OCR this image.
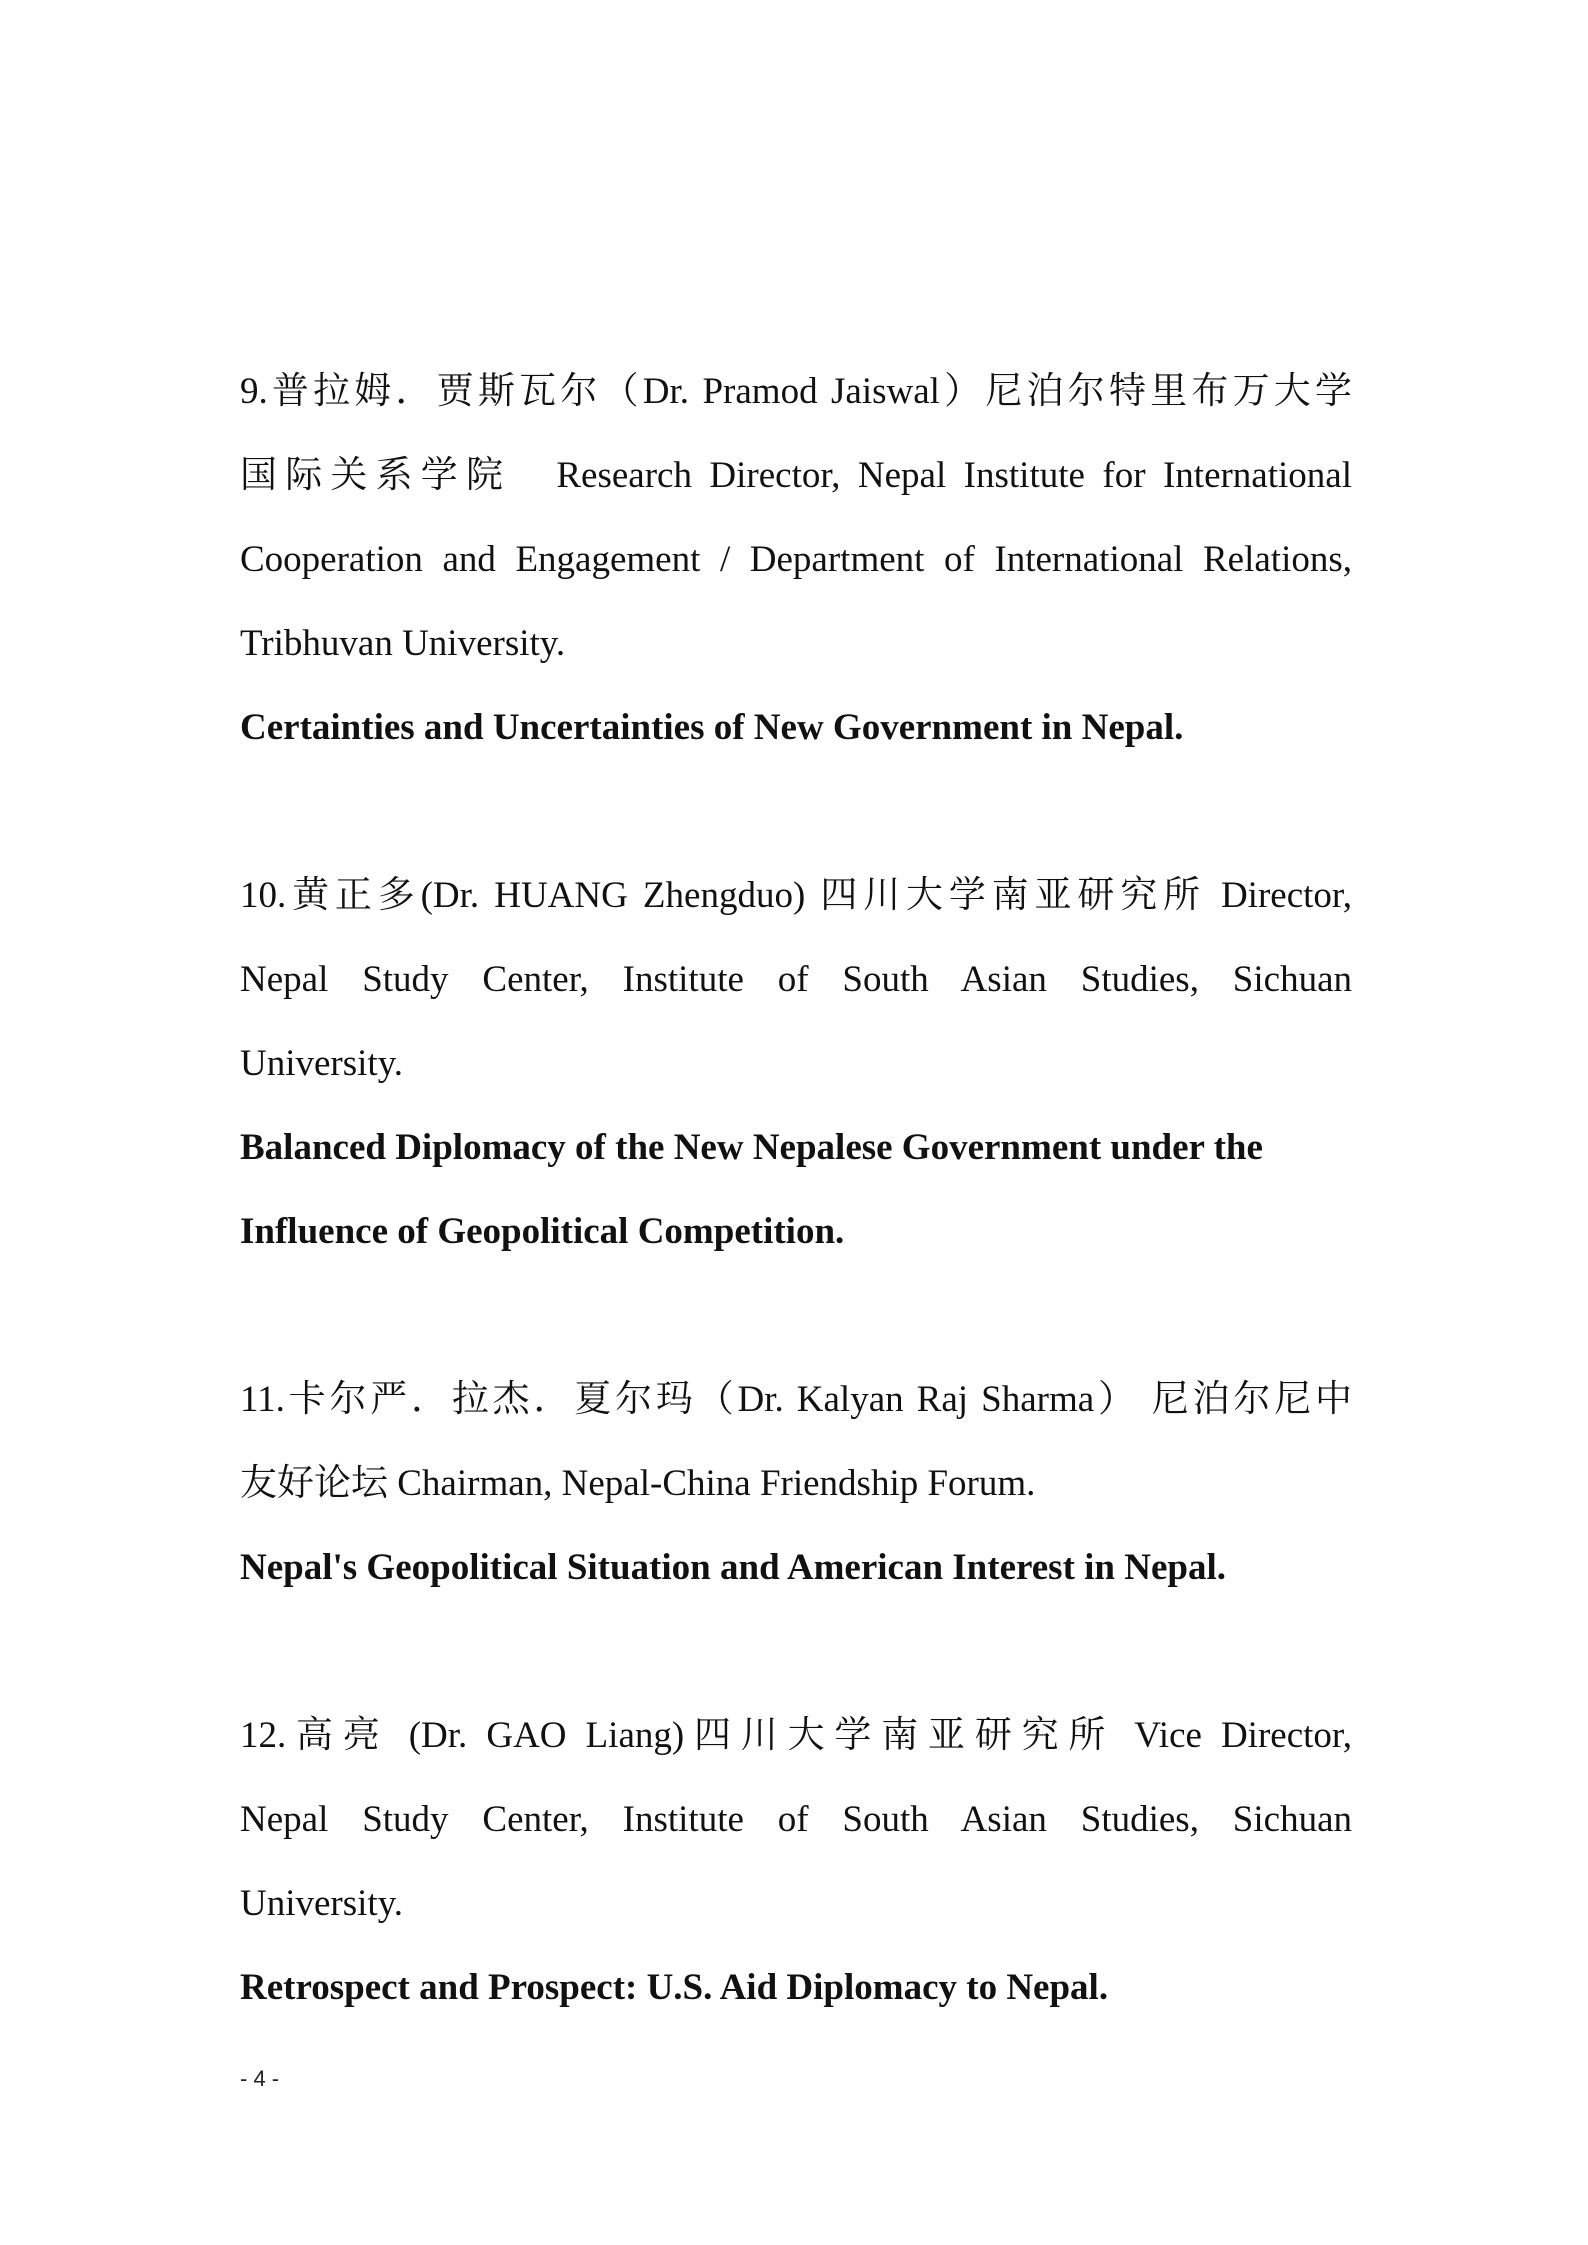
9.普拉姆．贾斯瓦尔（Dr. Pramod Jaiswal）尼泊尔特里布万大学
国际关系学院　Research Director, Nepal Institute for International
Cooperation and Engagement / Department of International Relations,
Tribhuvan University.
Certainties and Uncertainties of New Government in Nepal.
10.黄正多(Dr. HUANG Zhengduo) 四川大学南亚研究所 Director,
Nepal Study Center, Institute of South Asian Studies, Sichuan
University.
Balanced Diplomacy of the New Nepalese Government under the
Influence of Geopolitical Competition.
11.卡尔严．拉杰．夏尔玛（Dr. Kalyan Raj Sharma） 尼泊尔尼中
友好论坛 Chairman, Nepal-China Friendship Forum.
Nepal's Geopolitical Situation and American Interest in Nepal.
12.高亮 (Dr. GAO Liang)四川大学南亚研究所 Vice Director,
Nepal Study Center, Institute of South Asian Studies, Sichuan
University.
Retrospect and Prospect: U.S. Aid Diplomacy to Nepal.
- 4 -
